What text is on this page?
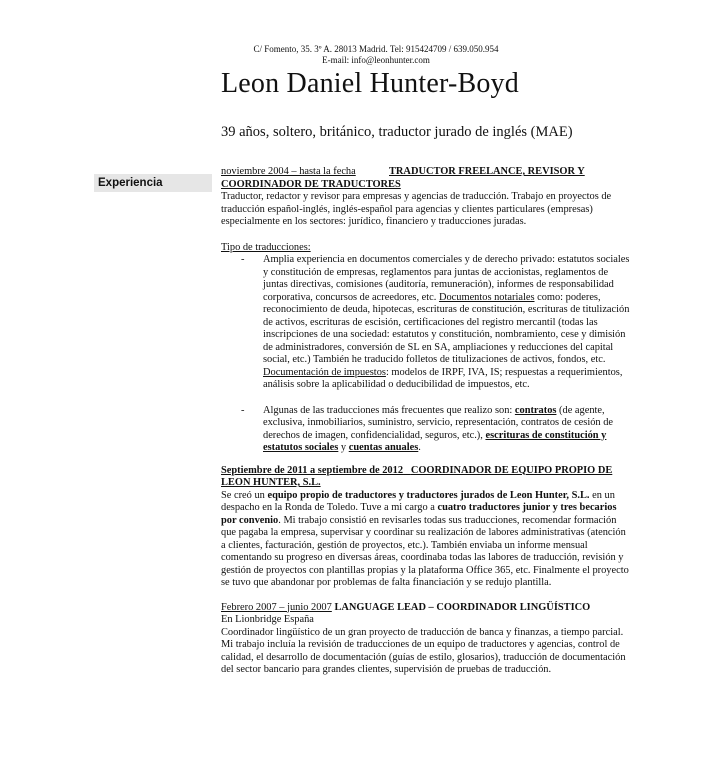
C/ Fomento, 35. 3º A. 28013 Madrid. Tel: 915424709 / 639.050.954
E-mail: info@leonhunter.com
Leon Daniel Hunter-Boyd
39 años, soltero, británico, traductor jurado de inglés (MAE)
Experiencia
noviembre 2004 – hasta la fecha	TRADUCTOR FREELANCE, REVISOR Y
COORDINADOR DE TRADUCTORES

Traductor, redactor y revisor para empresas y agencias de traducción. Trabajo en proyectos de traducción español-inglés, inglés-español para agencias y clientes particulares (empresas) especialmente en los sectores: jurídico, financiero y traducciones juradas.

Tipo de traducciones:
- Amplia experiencia en documentos comerciales y de derecho privado: estatutos sociales y constitución de empresas, reglamentos para juntas de accionistas, reglamentos de juntas directivas, comisiones (auditoría, remuneración), informes de responsabilidad corporativa, concursos de acreedores, etc. Documentos notariales como: poderes, reconocimiento de deuda, hipotecas, escrituras de constitución, escrituras de titulización de activos, escrituras de escisión, certificaciones del registro mercantil (todas las inscripciones de una sociedad: estatutos y constitución, nombramiento, cese y dimisión de administradores, conversión de SL en SA, ampliaciones y reducciones del capital social, etc.) También he traducido folletos de titulizaciones de activos, fondos, etc. Documentación de impuestos: modelos de IRPF, IVA, IS; respuestas a requerimientos, análisis sobre la aplicabilidad o deducibilidad de impuestos, etc.
- Algunas de las traducciones más frecuentes que realizo son: contratos (de agente, exclusiva, inmobiliarios, suministro, servicio, representación, contratos de cesión de derechos de imagen, confidencialidad, seguros, etc.), escrituras de constitución y estatutos sociales y cuentas anuales.
Septiembre de 2011 a septiembre de 2012 COORDINADOR DE EQUIPO PROPIO DE LEON HUNTER, S.L.

Se creó un equipo propio de traductores y traductores jurados de Leon Hunter, S.L. en un despacho en la Ronda de Toledo. Tuve a mi cargo a cuatro traductores junior y tres becarios por convenio. Mi trabajo consistió en revisarles todas sus traducciones, recomendar formación que pagaba la empresa, supervisar y coordinar su realización de labores administrativas (atención a clientes, facturación, gestión de proyectos, etc.). También enviaba un informe mensual comentando su progreso en diversas áreas, coordinaba todas las labores de traducción, revisión y gestión de proyectos con plantillas propias y la plataforma Office 365, etc. Finalmente el proyecto se tuvo que abandonar por problemas de falta financiación y se redujo plantilla.

Febrero 2007 – junio 2007 LANGUAGE LEAD – COORDINADOR LINGÜÍSTICO
En Lionbridge España

Coordinador lingüístico de un gran proyecto de traducción de banca y finanzas, a tiempo parcial. Mi trabajo incluía la revisión de traducciones de un equipo de traductores y agencias, control de calidad, el desarrollo de documentación (guías de estilo, glosarios), traducción de documentación del sector bancario para grandes clientes, supervisión de pruebas de traducción.
